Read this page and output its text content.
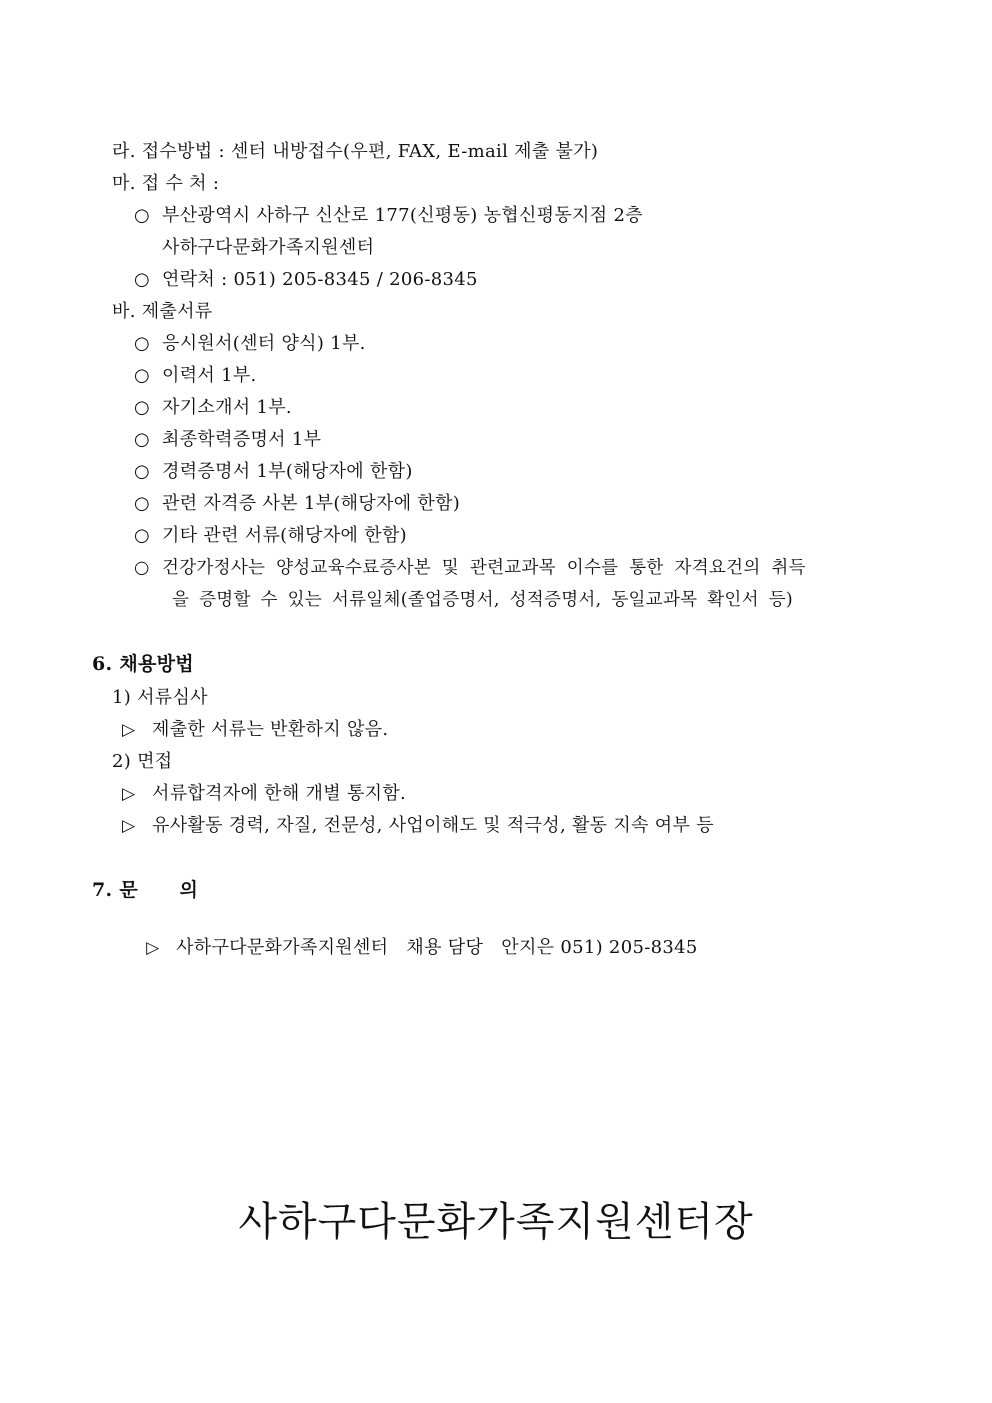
라. 접수방법 : 센터 내방접수(우편, FAX, E-mail 제출 불가)
마. 접 수 처 :
○ 부산광역시 사하구 신산로 177(신평동) 농협신평동지점 2층
사하구다문화가족지원센터
○ 연락처 : 051) 205-8345 / 206-8345
바. 제출서류
○ 응시원서(센터 양식) 1부.
○ 이력서 1부.
○ 자기소개서 1부.
○ 최종학력증명서 1부
○ 경력증명서 1부(해당자에 한함)
○ 관련 자격증 사본 1부(해당자에 한함)
○ 기타 관련 서류(해당자에 한함)
○ 건강가정사는 양성교육수료증사본 및 관련교과목 이수를 통한 자격요건의 취득
을 증명할 수 있는 서류일체(졸업증명서, 성적증명서, 동일교과목 확인서 등)
6. 채용방법
1) 서류심사
▷ 제출한 서류는 반환하지 않음.
2) 면접
▷ 서류합격자에 한해 개별 통지함.
▷ 유사활동 경력, 자질, 전문성, 사업이해도 및 적극성, 활동 지속 여부 등
7. 문      의

▷ 사하구다문화가족지원센터   채용 담당   안지은 051) 205-8345

사하구다문화가족지원센터장
